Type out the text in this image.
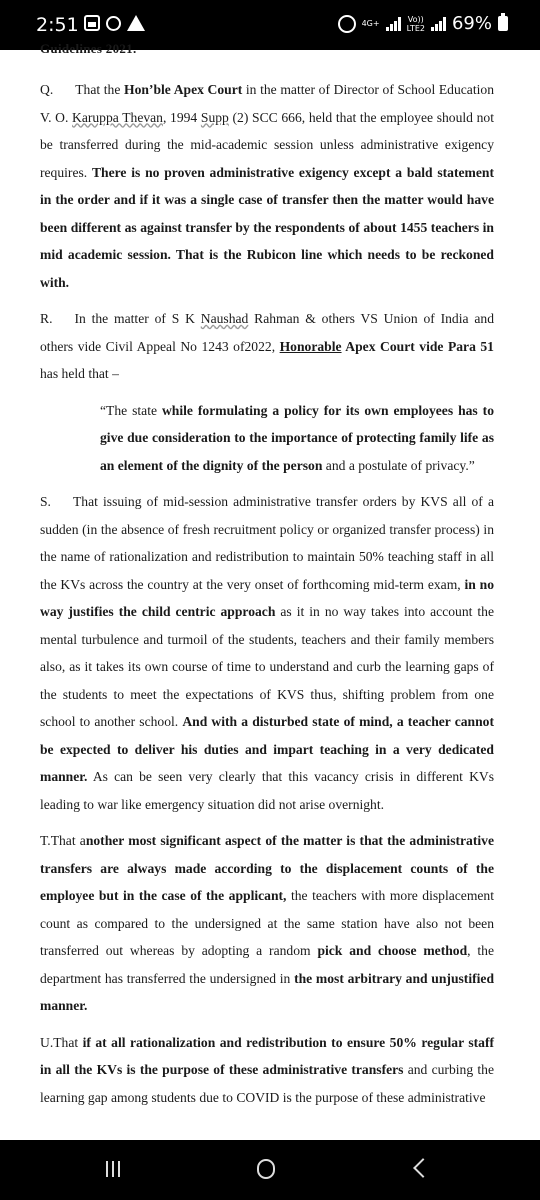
2:51	4G+	Vo))
LTE2 69%
Guidelines 2021.

Q. That the Hon’ble Apex Court in the matter of Director of School Education V. O. Karuppa Thevan, 1994 Supp (2) SCC 666, held that the employee should not be transferred during the mid-academic session unless administrative exigency requires. There is no proven administrative exigency except a bald statement in the order and if it was a single case of transfer then the matter would have been different as against transfer by the respondents of about 1455 teachers in mid academic session. That is the Rubicon line which needs to be reckoned with.

R. In the matter of S K Naushad Rahman & others VS Union of India and others vide Civil Appeal No 1243 of2022, Honorable Apex Court vide Para 51 has held that –

“The state while formulating a policy for its own employees has to give due consideration to the importance of protecting family life as an element of the dignity of the person and a postulate of privacy.”

S. That issuing of mid-session administrative transfer orders by KVS all of a sudden (in the absence of fresh recruitment policy or organized transfer process) in the name of rationalization and redistribution to maintain 50% teaching staff in all the KVs across the country at the very onset of forthcoming mid-term exam, in no way justifies the child centric approach as it in no way takes into account the mental turbulence and turmoil of the students, teachers and their family members also, as it takes its own course of time to understand and curb the learning gaps of the students to meet the expectations of KVS thus, shifting problem from one school to another school. And with a disturbed state of mind, a teacher cannot be expected to deliver his duties and impart teaching in a very dedicated manner. As can be seen very clearly that this vacancy crisis in different KVs leading to war like emergency situation did not arise overnight.

T.That another most significant aspect of the matter is that the administrative transfers are always made according to the displacement counts of the employee but in the case of the applicant, the teachers with more displacement count as compared to the undersigned at the same station have also not been transferred out whereas by adopting a random pick and choose method, the department has transferred the undersigned in the most arbitrary and unjustified manner.

U.That if at all rationalization and redistribution to ensure 50% regular staff in all the KVs is the purpose of these administrative transfers and curbing the learning gap among students due to COVID is the purpose of these administrative
